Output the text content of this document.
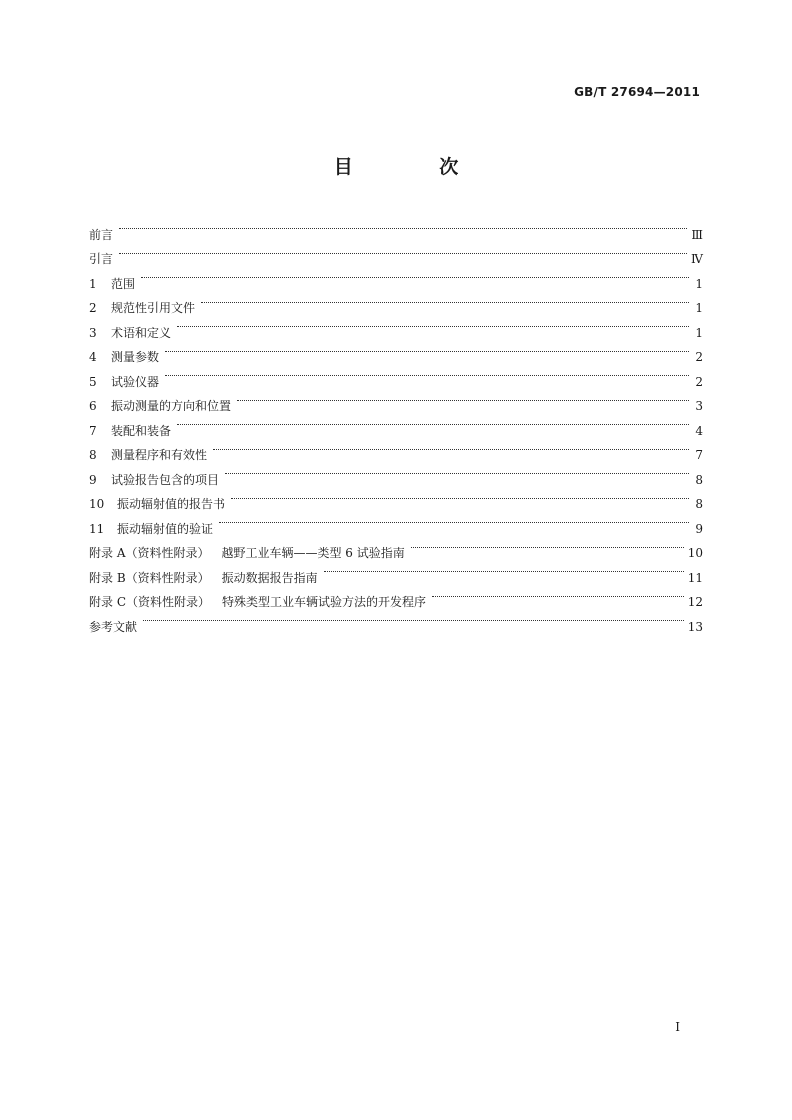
GB/T 27694—2011
目 次
前言	Ⅲ
引言	Ⅳ
1	范围	1
2	规范性引用文件	1
3	术语和定义	1
4	测量参数	2
5	试验仪器	2
6	振动测量的方向和位置	3
7	装配和装备	4
8	测量程序和有效性	7
9	试验报告包含的项目	8
10	振动辐射值的报告书	8
11	振动辐射值的验证	9
附录 A（资料性附录） 越野工业车辆——类型 6 试验指南	10
附录 B（资料性附录） 振动数据报告指南	11
附录 C（资料性附录） 特殊类型工业车辆试验方法的开发程序	12
参考文献	13
I
